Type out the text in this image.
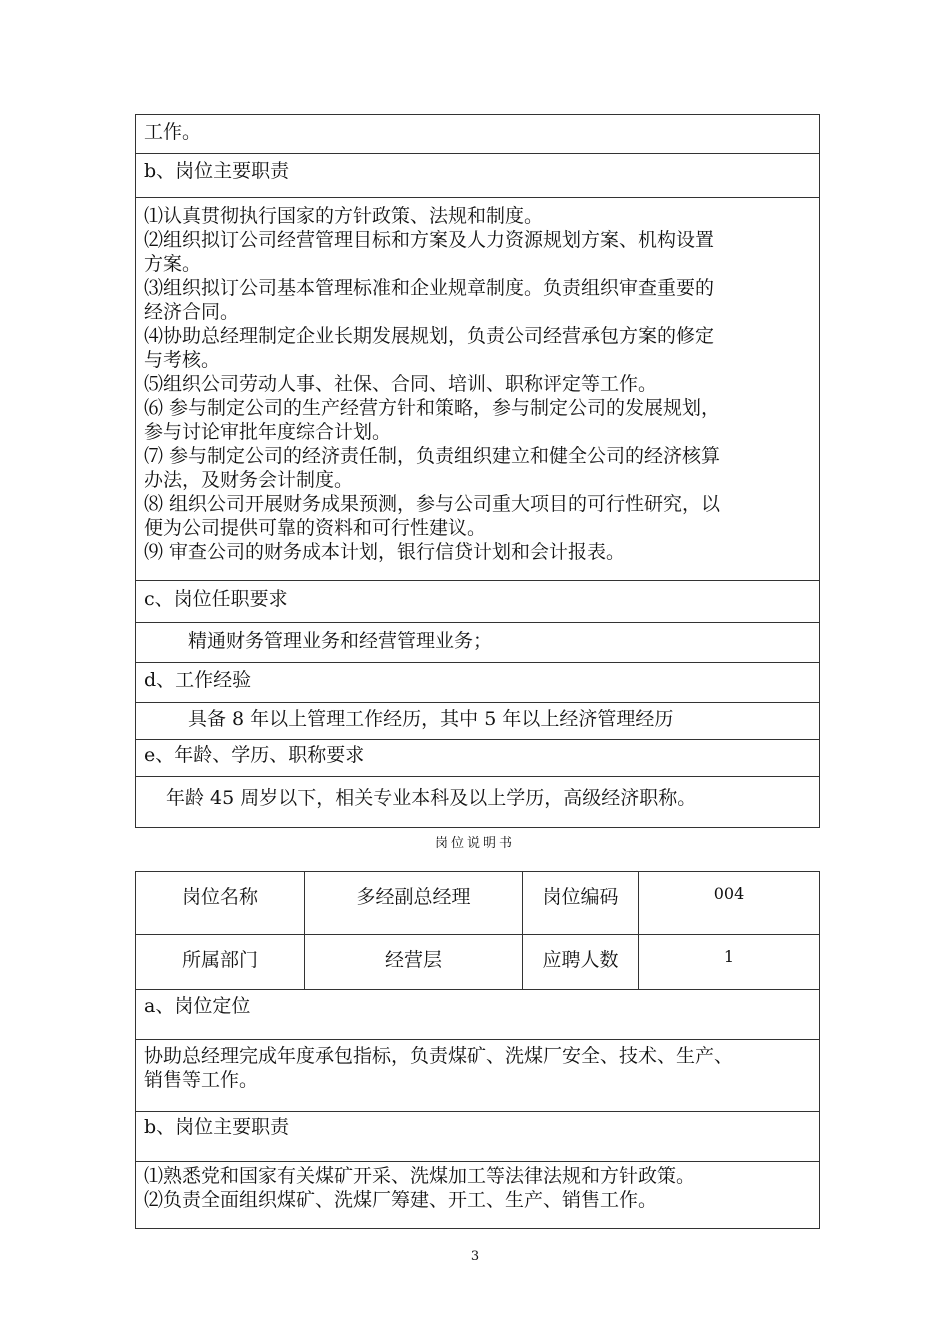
工作。
b、岗位主要职责
⑴认真贯彻执行国家的方针政策、法规和制度。
⑵组织拟订公司经营管理目标和方案及人力资源规划方案、机构设置
方案。
⑶组织拟订公司基本管理标准和企业规章制度。负责组织审查重要的
经济合同。
⑷协助总经理制定企业长期发展规划，负责公司经营承包方案的修定
与考核。
⑸组织公司劳动人事、社保、合同、培训、职称评定等工作。
⑹ 参与制定公司的生产经营方针和策略，参与制定公司的发展规划，
参与讨论审批年度综合计划。
⑺ 参与制定公司的经济责任制，负责组织建立和健全公司的经济核算
办法，及财务会计制度。
⑻ 组织公司开展财务成果预测，参与公司重大项目的可行性研究，以
便为公司提供可靠的资料和可行性建议。
⑼ 审查公司的财务成本计划，银行信贷计划和会计报表。
c、岗位任职要求
精通财务管理业务和经营管理业务；
d、工作经验
具备 8 年以上管理工作经历，其中 5 年以上经济管理经历
e、年龄、学历、职称要求
年龄 45 周岁以下，相关专业本科及以上学历，高级经济职称。
岗位说明书
岗位名称	多经副总经理	岗位编码	004
所属部门	经营层	应聘人数	1
a、岗位定位
协助总经理完成年度承包指标，负责煤矿、洗煤厂安全、技术、生产、
销售等工作。
b、岗位主要职责
⑴熟悉党和国家有关煤矿开采、洗煤加工等法律法规和方针政策。
⑵负责全面组织煤矿、洗煤厂筹建、开工、生产、销售工作。
3
